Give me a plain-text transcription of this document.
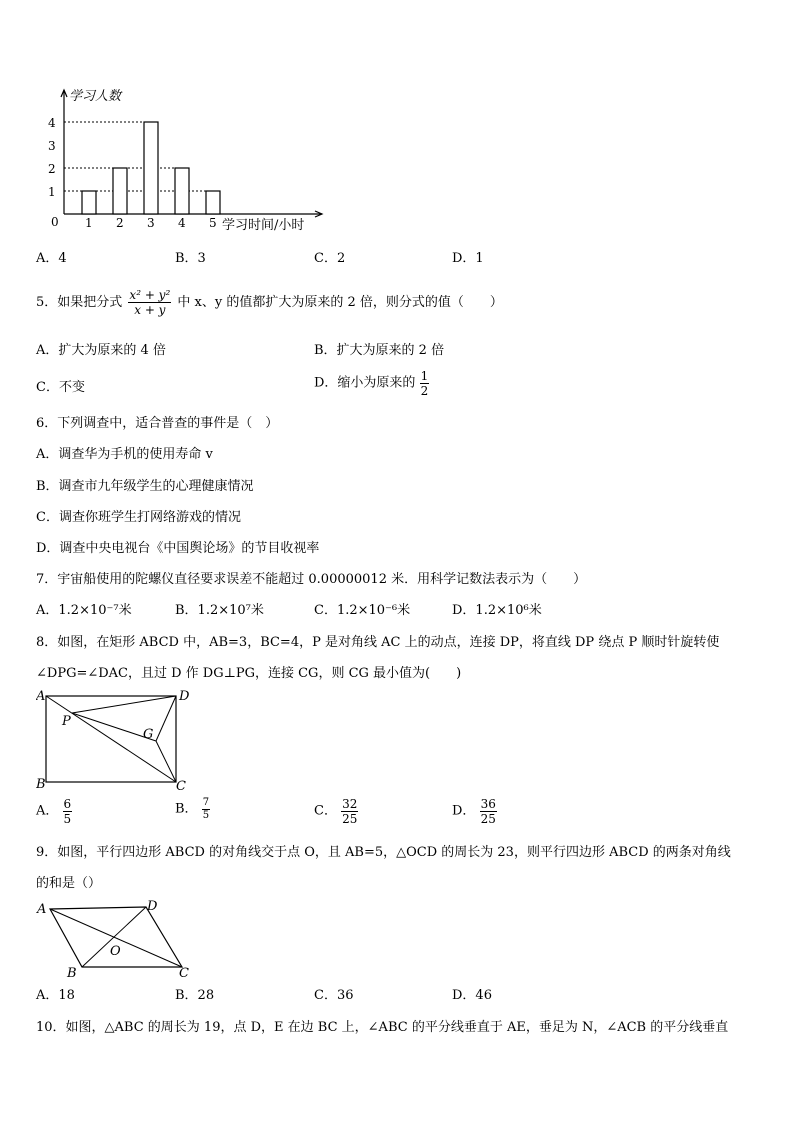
学习人数
学习时间/小时
0
1
2
3
4
1 2 3 4 5
A．4	B．3	C．2	D．1
5．如果把分式 $\frac{\text{x² + y²}}{x + y}$ 中 x、y 的值都扩大为原来的 2 倍，则分式的值（　　）
A．扩大为原来的 4 倍	B．扩大为原来的 2 倍
C．不变	D．缩小为原来的 $\frac{1}{2}$
6．下列调查中，适合普查的事件是（　）
A．调查华为手机的使用寿命 v
B．调查市九年级学生的心理健康情况
C．调查你班学生打网络游戏的情况
D．调查中央电视台《中国舆论场》的节目收视率
7．宇宙船使用的陀螺仪直径要求误差不能超过 0.00000012 米．用科学记数法表示为（　　）
A．1.2×10⁻⁷米	B．1.2×10⁷米	C．1.2×10⁻⁶米	D．1.2×10⁶米
8．如图，在矩形 ABCD 中，AB=3，BC=4，P 是对角线 AC 上的动点，连接 DP，将直线 DP 绕点 P 顺时针旋转使
∠DPG=∠DAC，且过 D 作 DG⊥PG，连接 CG，则 CG 最小值为(　　)
A	D
B	C
P
G
A． $\frac{6}{5}$	B． $\frac{7}{5}$	C． $\frac{32}{25}$	D． $\frac{36}{25}$
9．如图，平行四边形 ABCD 的对角线交于点 O，且 AB=5，△OCD 的周长为 23，则平行四边形 ABCD 的两条对角线
的和是（）
A	D
B	C
O
A．18	B．28	C．36	D．46
10．如图，△ABC 的周长为 19，点 D，E 在边 BC 上，∠ABC 的平分线垂直于 AE，垂足为 N，∠ACB 的平分线垂直
